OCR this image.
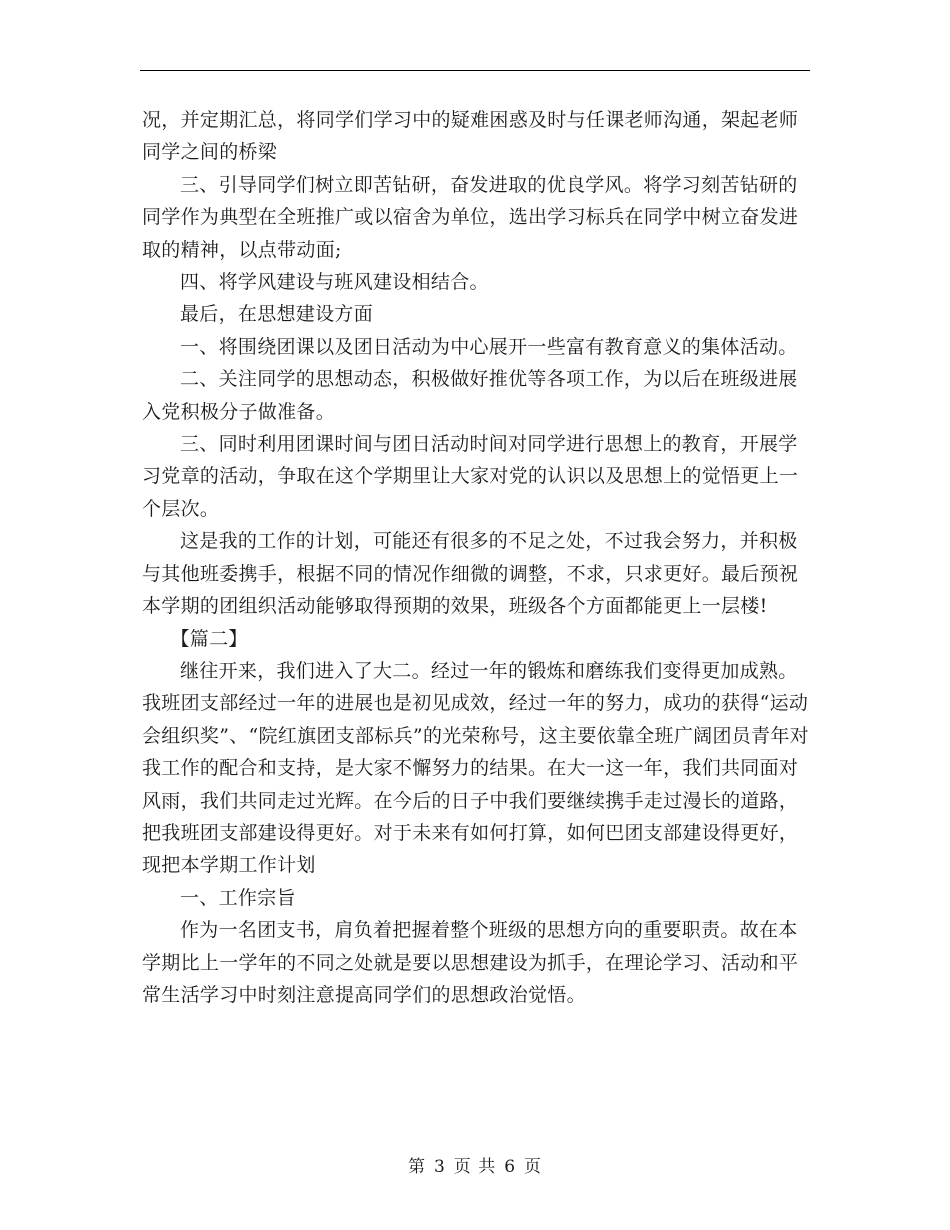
况，并定期汇总，将同学们学习中的疑难困惑及时与任课老师沟通，架起老师同学之间的桥梁

三、引导同学们树立即苦钻研，奋发进取的优良学风。将学习刻苦钻研的同学作为典型在全班推广或以宿舍为单位，选出学习标兵在同学中树立奋发进取的精神，以点带动面;

四、将学风建设与班风建设相结合。

最后，在思想建设方面

一、将围绕团课以及团日活动为中心展开一些富有教育意义的集体活动。

二、关注同学的思想动态，积极做好推优等各项工作，为以后在班级进展入党积极分子做准备。

三、同时利用团课时间与团日活动时间对同学进行思想上的教育，开展学习党章的活动，争取在这个学期里让大家对党的认识以及思想上的觉悟更上一个层次。

这是我的工作的计划，可能还有很多的不足之处，不过我会努力，并积极与其他班委携手，根据不同的情况作细微的调整，不求，只求更好。最后预祝本学期的团组织活动能够取得预期的效果，班级各个方面都能更上一层楼!

【篇二】

继往开来，我们进入了大二。经过一年的锻炼和磨练我们变得更加成熟。我班团支部经过一年的进展也是初见成效，经过一年的努力，成功的获得“运动会组织奖”、“院红旗团支部标兵”的光荣称号，这主要依靠全班广阔团员青年对我工作的配合和支持，是大家不懈努力的结果。在大一这一年，我们共同面对风雨，我们共同走过光辉。在今后的日子中我们要继续携手走过漫长的道路，把我班团支部建设得更好。对于未来有如何打算，如何巴团支部建设得更好，现把本学期工作计划

一、工作宗旨

作为一名团支书，肩负着把握着整个班级的思想方向的重要职责。故在本学期比上一学年的不同之处就是要以思想建设为抓手，在理论学习、活动和平常生活学习中时刻注意提高同学们的思想政治觉悟。

第 3 页 共 6 页
